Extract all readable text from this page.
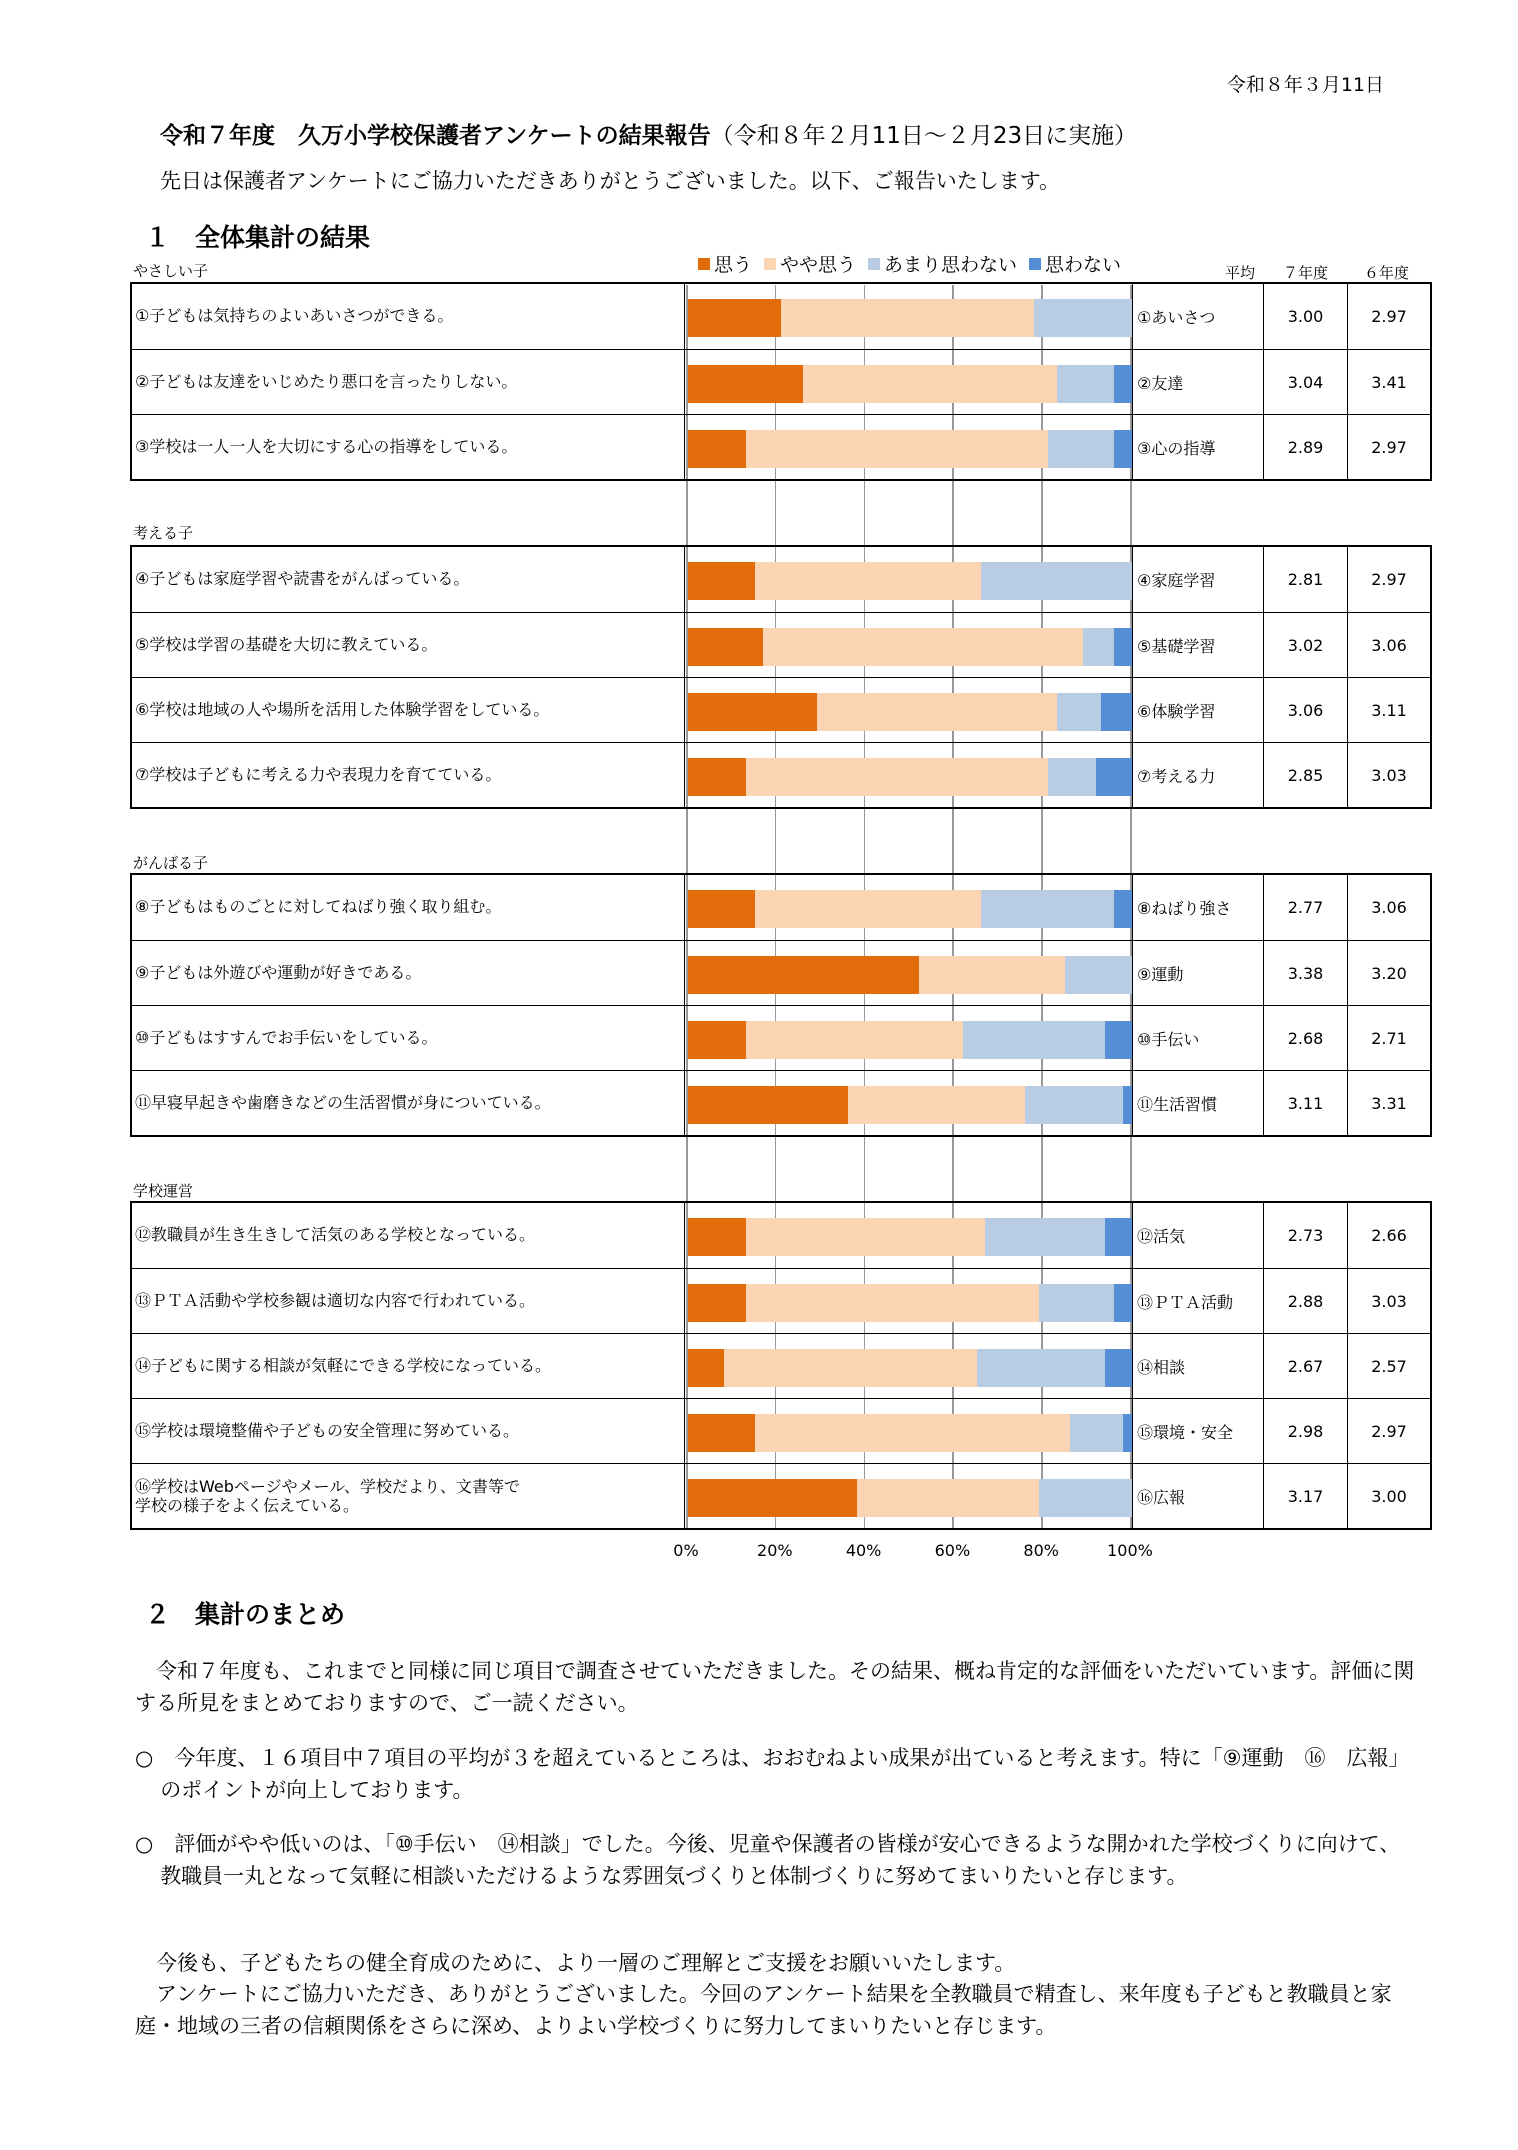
令和８年３月11日
令和７年度　久万小学校保護者アンケートの結果報告（令和８年２月11日～２月23日に実施）
先日は保護者アンケートにご協力いただきありがとうございました。以下、ご報告いたします。
１　全体集計の結果
思う やや思う あまり思わない 思わない	平均 ７年度 ６年度
0%	20%	40%	60%	80%	100%
やさしい子
①子どもは気持ちのよいあいさつができる。	①あいさつ	3.00	2.97
②子どもは友達をいじめたり悪口を言ったりしない。	②友達	3.04	3.41
③学校は一人一人を大切にする心の指導をしている。	③心の指導	2.89	2.97
考える子
④子どもは家庭学習や読書をがんばっている。	④家庭学習	2.81	2.97
⑤学校は学習の基礎を大切に教えている。	⑤基礎学習	3.02	3.06
⑥学校は地域の人や場所を活用した体験学習をしている。	⑥体験学習	3.06	3.11
⑦学校は子どもに考える力や表現力を育てている。	⑦考える力	2.85	3.03
がんばる子
⑧子どもはものごとに対してねばり強く取り組む。	⑧ねばり強さ	2.77	3.06
⑨子どもは外遊びや運動が好きである。	⑨運動	3.38	3.20
⑩子どもはすすんでお手伝いをしている。	⑩手伝い	2.68	2.71
⑪早寝早起きや歯磨きなどの生活習慣が身についている。	⑪生活習慣	3.11	3.31
学校運営
⑫教職員が生き生きして活気のある学校となっている。	⑫活気	2.73	2.66
⑬ＰＴＡ活動や学校参観は適切な内容で行われている。	⑬ＰＴＡ活動	2.88	3.03
⑭子どもに関する相談が気軽にできる学校になっている。	⑭相談	2.67	2.57
⑮学校は環境整備や子どもの安全管理に努めている。	⑮環境・安全	2.98	2.97
⑯学校はWebページやメール、学校だより、文書等で
学校の様子をよく伝えている。	⑯広報	3.17	3.00
２　集計のまとめ
　令和７年度も、これまでと同様に同じ項目で調査させていただきました。その結果、概ね肯定的な評価をいただいています。評価に関する所見をまとめておりますので、ご一読ください。
○　今年度、１６項目中７項目の平均が３を超えているところは、おおむねよい成果が出ていると考えます。特に「⑨運動　⑯　広報」のポイントが向上しております。
○　評価がやや低いのは、「⑩手伝い　⑭相談」でした。今後、児童や保護者の皆様が安心できるような開かれた学校づくりに向けて、教職員一丸となって気軽に相談いただけるような雰囲気づくりと体制づくりに努めてまいりたいと存じます。
　今後も、子どもたちの健全育成のために、より一層のご理解とご支援をお願いいたします。
　アンケートにご協力いただき、ありがとうございました。今回のアンケート結果を全教職員で精査し、来年度も子どもと教職員と家庭・地域の三者の信頼関係をさらに深め、よりよい学校づくりに努力してまいりたいと存じます。
